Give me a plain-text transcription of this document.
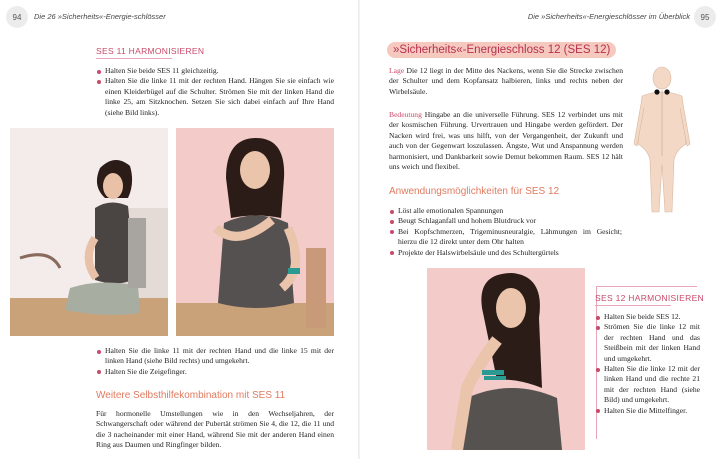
94	Die 26 »Sicherheits«-Energie-schlösser
SES 11 HARMONISIEREN
Halten Sie beide SES 11 gleichzeitig.
Halten Sie die linke 11 mit der rechten Hand. Hängen Sie sie einfach wie einen Kleiderbügel auf die Schulter. Strömen Sie mit der linken Hand die linke 25, am Sitzknochen. Setzen Sie sich dabei einfach auf Ihre Hand (siehe Bild links).
Halten Sie die linke 11 mit der rechten Hand und die linke 15 mit der linken Hand (siehe Bild rechts) und umgekehrt.
Halten Sie die Zeigefinger.
Weitere Selbsthilfekombination mit SES 11
Für hormonelle Umstellungen wie in den Wechseljahren, der Schwangerschaft oder während der Pubertät strömen Sie 4, die 12, die 11 und die 3 nacheinander mit einer Hand, während Sie mit der anderen Hand einen Ring aus Daumen und Ringfinger bilden.
Die »Sicherheits«-Energieschlösser im Überblick	95
»Sicherheits«-Energieschloss 12 (SES 12)
Lage Die 12 liegt in der Mitte des Nackens, wenn Sie die Strecke zwischen der Schulter und dem Kopfansatz halbieren, links und rechts neben der Wirbelsäule.
Bedeutung Hingabe an die universelle Führung. SES 12 verbindet uns mit der kosmischen Führung. Urvertrauen und Hingabe werden gefördert. Der Nacken wird frei, was uns hilft, von der Vergangenheit, der Zukunft und auch von der Gegenwart loszulassen. Ängste, Wut und Anspannung werden harmonisiert, und Dankbarkeit sowie Demut bekommen Raum. SES 12 hält uns weich und flexibel.
Anwendungsmöglichkeiten für SES 12
Löst alle emotionalen Spannungen
Beugt Schlaganfall und hohem Blutdruck vor
Bei Kopfschmerzen, Trigeminusneuralgie, Lähmungen im Gesicht; hierzu die 12 direkt unter dem Ohr halten
Projekte der Halswirbelsäule und des Schultergürtels
SES 12 HARMONISIEREN
Halten Sie beide SES 12.
Strömen Sie die linke 12 mit der rechten Hand und das Steißbein mit der linken Hand und umgekehrt.
Halten Sie die linke 12 mit der linken Hand und die rechte 21 mit der rechten Hand (siehe Bild) und umgekehrt.
Halten Sie die Mittelfinger.
